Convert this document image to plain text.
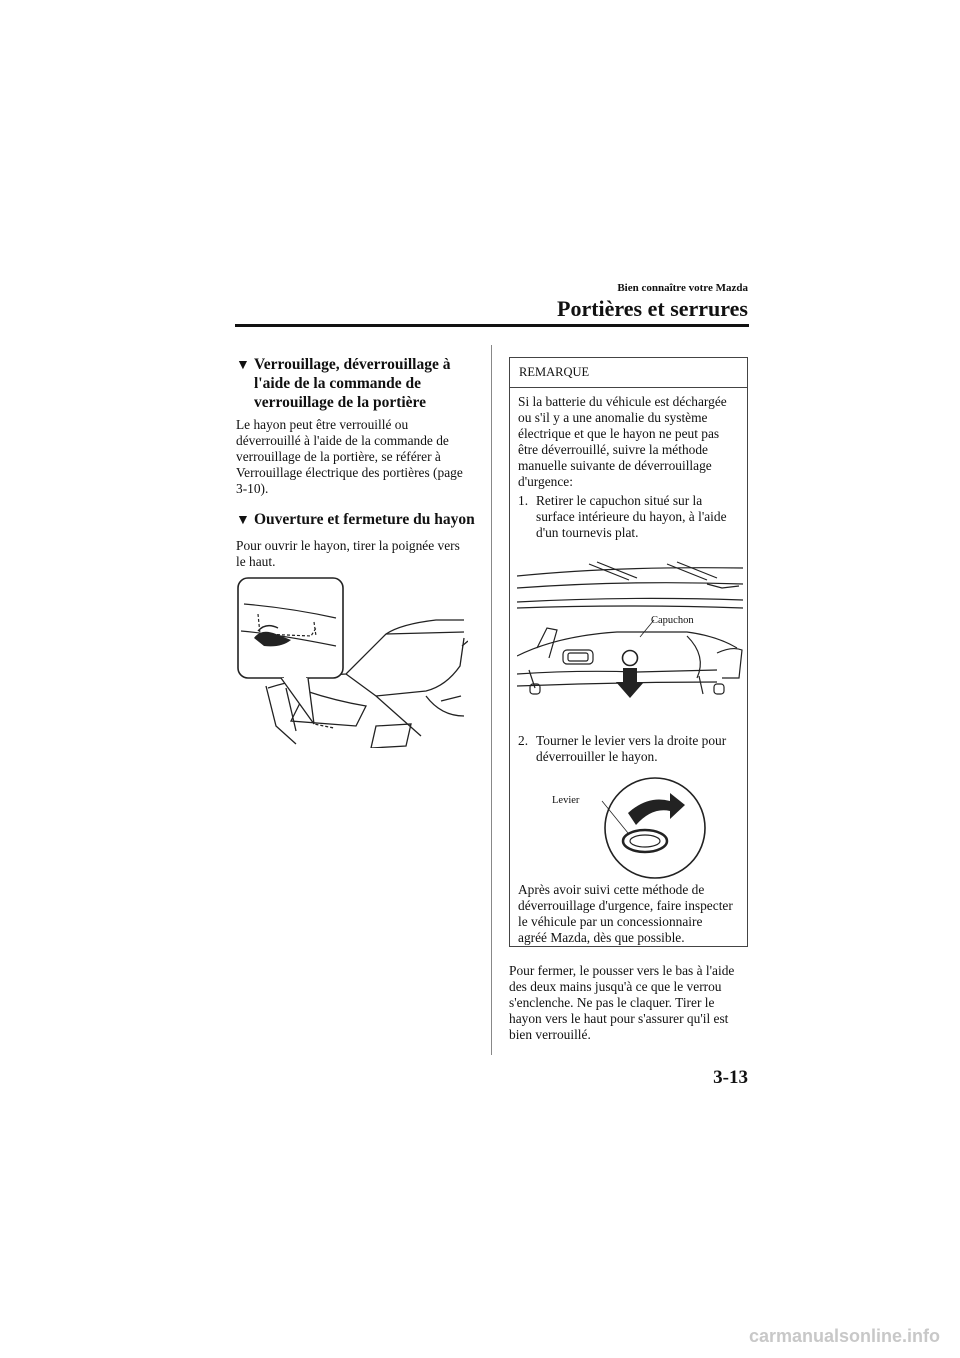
Bien connaître votre Mazda
Portières et serrures
▼ Verrouillage, déverrouillage à
l'aide de la commande de
verrouillage de la portière
Le hayon peut être verrouillé ou
déverrouillé à l'aide de la commande de
verrouillage de la portière, se référer à
Verrouillage électrique des portières (page
3-10).
▼ Ouverture et fermeture du hayon
Pour ouvrir le hayon, tirer la poignée vers
le haut.
REMARQUE
Si la batterie du véhicule est déchargée
ou s'il y a une anomalie du système
électrique et que le hayon ne peut pas
être déverrouillé, suivre la méthode
manuelle suivante de déverrouillage
d'urgence:
1. Retirer le capuchon situé sur la
surface intérieure du hayon, à l'aide
d'un tournevis plat.
Capuchon
2. Tourner le levier vers la droite pour
déverrouiller le hayon.
Levier
Après avoir suivi cette méthode de
déverrouillage d'urgence, faire inspecter
le véhicule par un concessionnaire
agréé Mazda, dès que possible.
Pour fermer, le pousser vers le bas à l'aide
des deux mains jusqu'à ce que le verrou
s'enclenche. Ne pas le claquer. Tirer le
hayon vers le haut pour s'assurer qu'il est
bien verrouillé.
3-13
carmanualsonline.info
